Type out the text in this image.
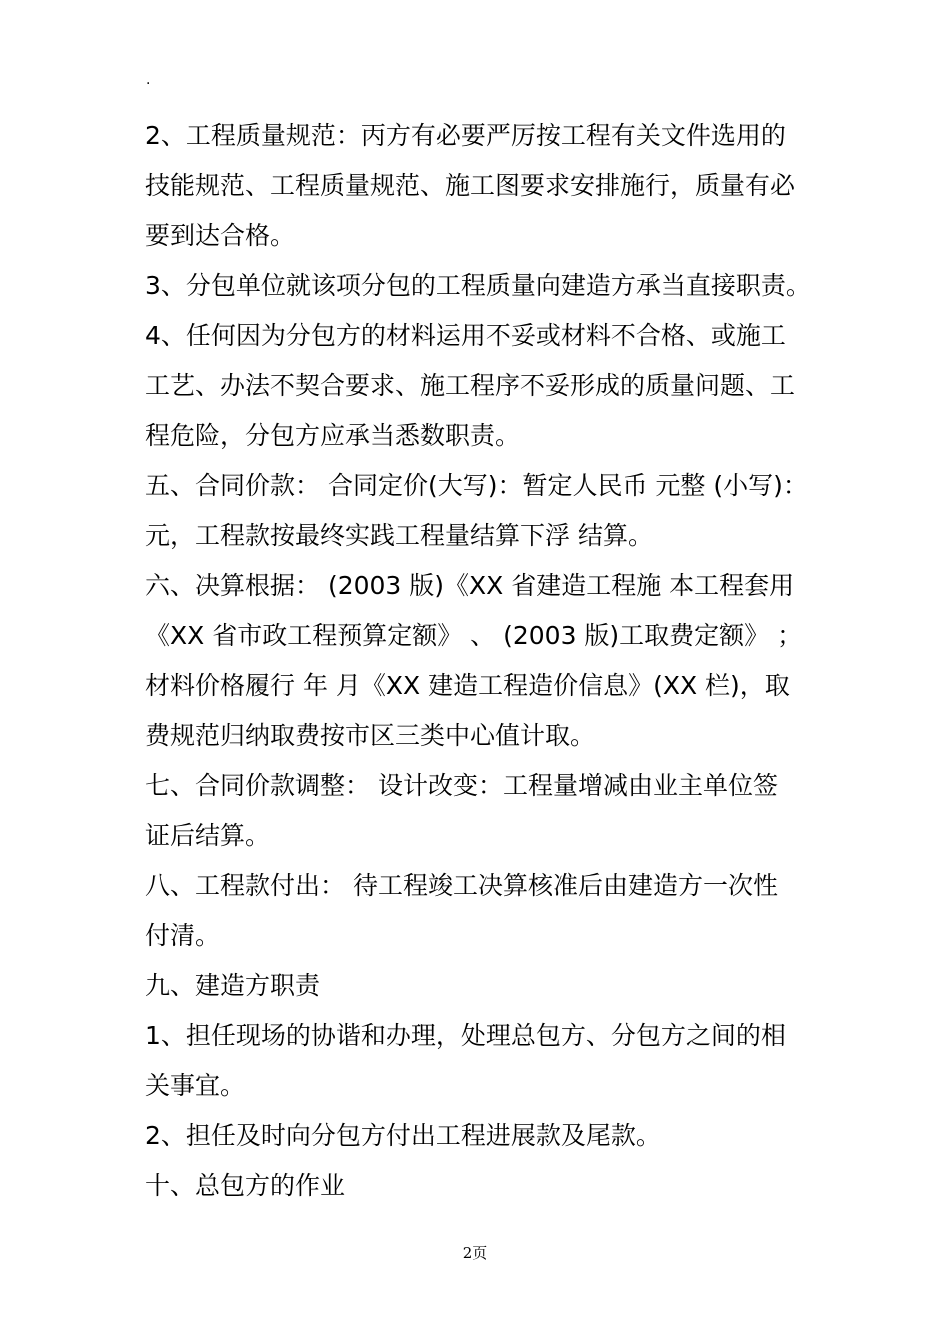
.
2、工程质量规范：丙方有必要严厉按工程有关文件选用的
技能规范、工程质量规范、施工图要求安排施行，质量有必
要到达合格。
3、分包单位就该项分包的工程质量向建造方承当直接职责。
4、任何因为分包方的材料运用不妥或材料不合格、或施工
工艺、办法不契合要求、施工程序不妥形成的质量问题、工
程危险，分包方应承当悉数职责。
五、合同价款： 合同定价(大写)：暂定人民币 元整 (小写)：
元，工程款按最终实践工程量结算下浮 结算。
六、决算根据： (2003 版)《XX 省建造工程施 本工程套用
《XX 省市政工程预算定额》 、 (2003 版)工取费定额》 ；
材料价格履行 年 月《XX 建造工程造价信息》(XX 栏)，取
费规范归纳取费按市区三类中心值计取。
七、合同价款调整： 设计改变：工程量增减由业主单位签
证后结算。
八、工程款付出： 待工程竣工决算核准后由建造方一次性
付清。
九、建造方职责
1、担任现场的协谐和办理，处理总包方、分包方之间的相
关事宜。
2、担任及时向分包方付出工程进展款及尾款。
十、总包方的作业
2页
